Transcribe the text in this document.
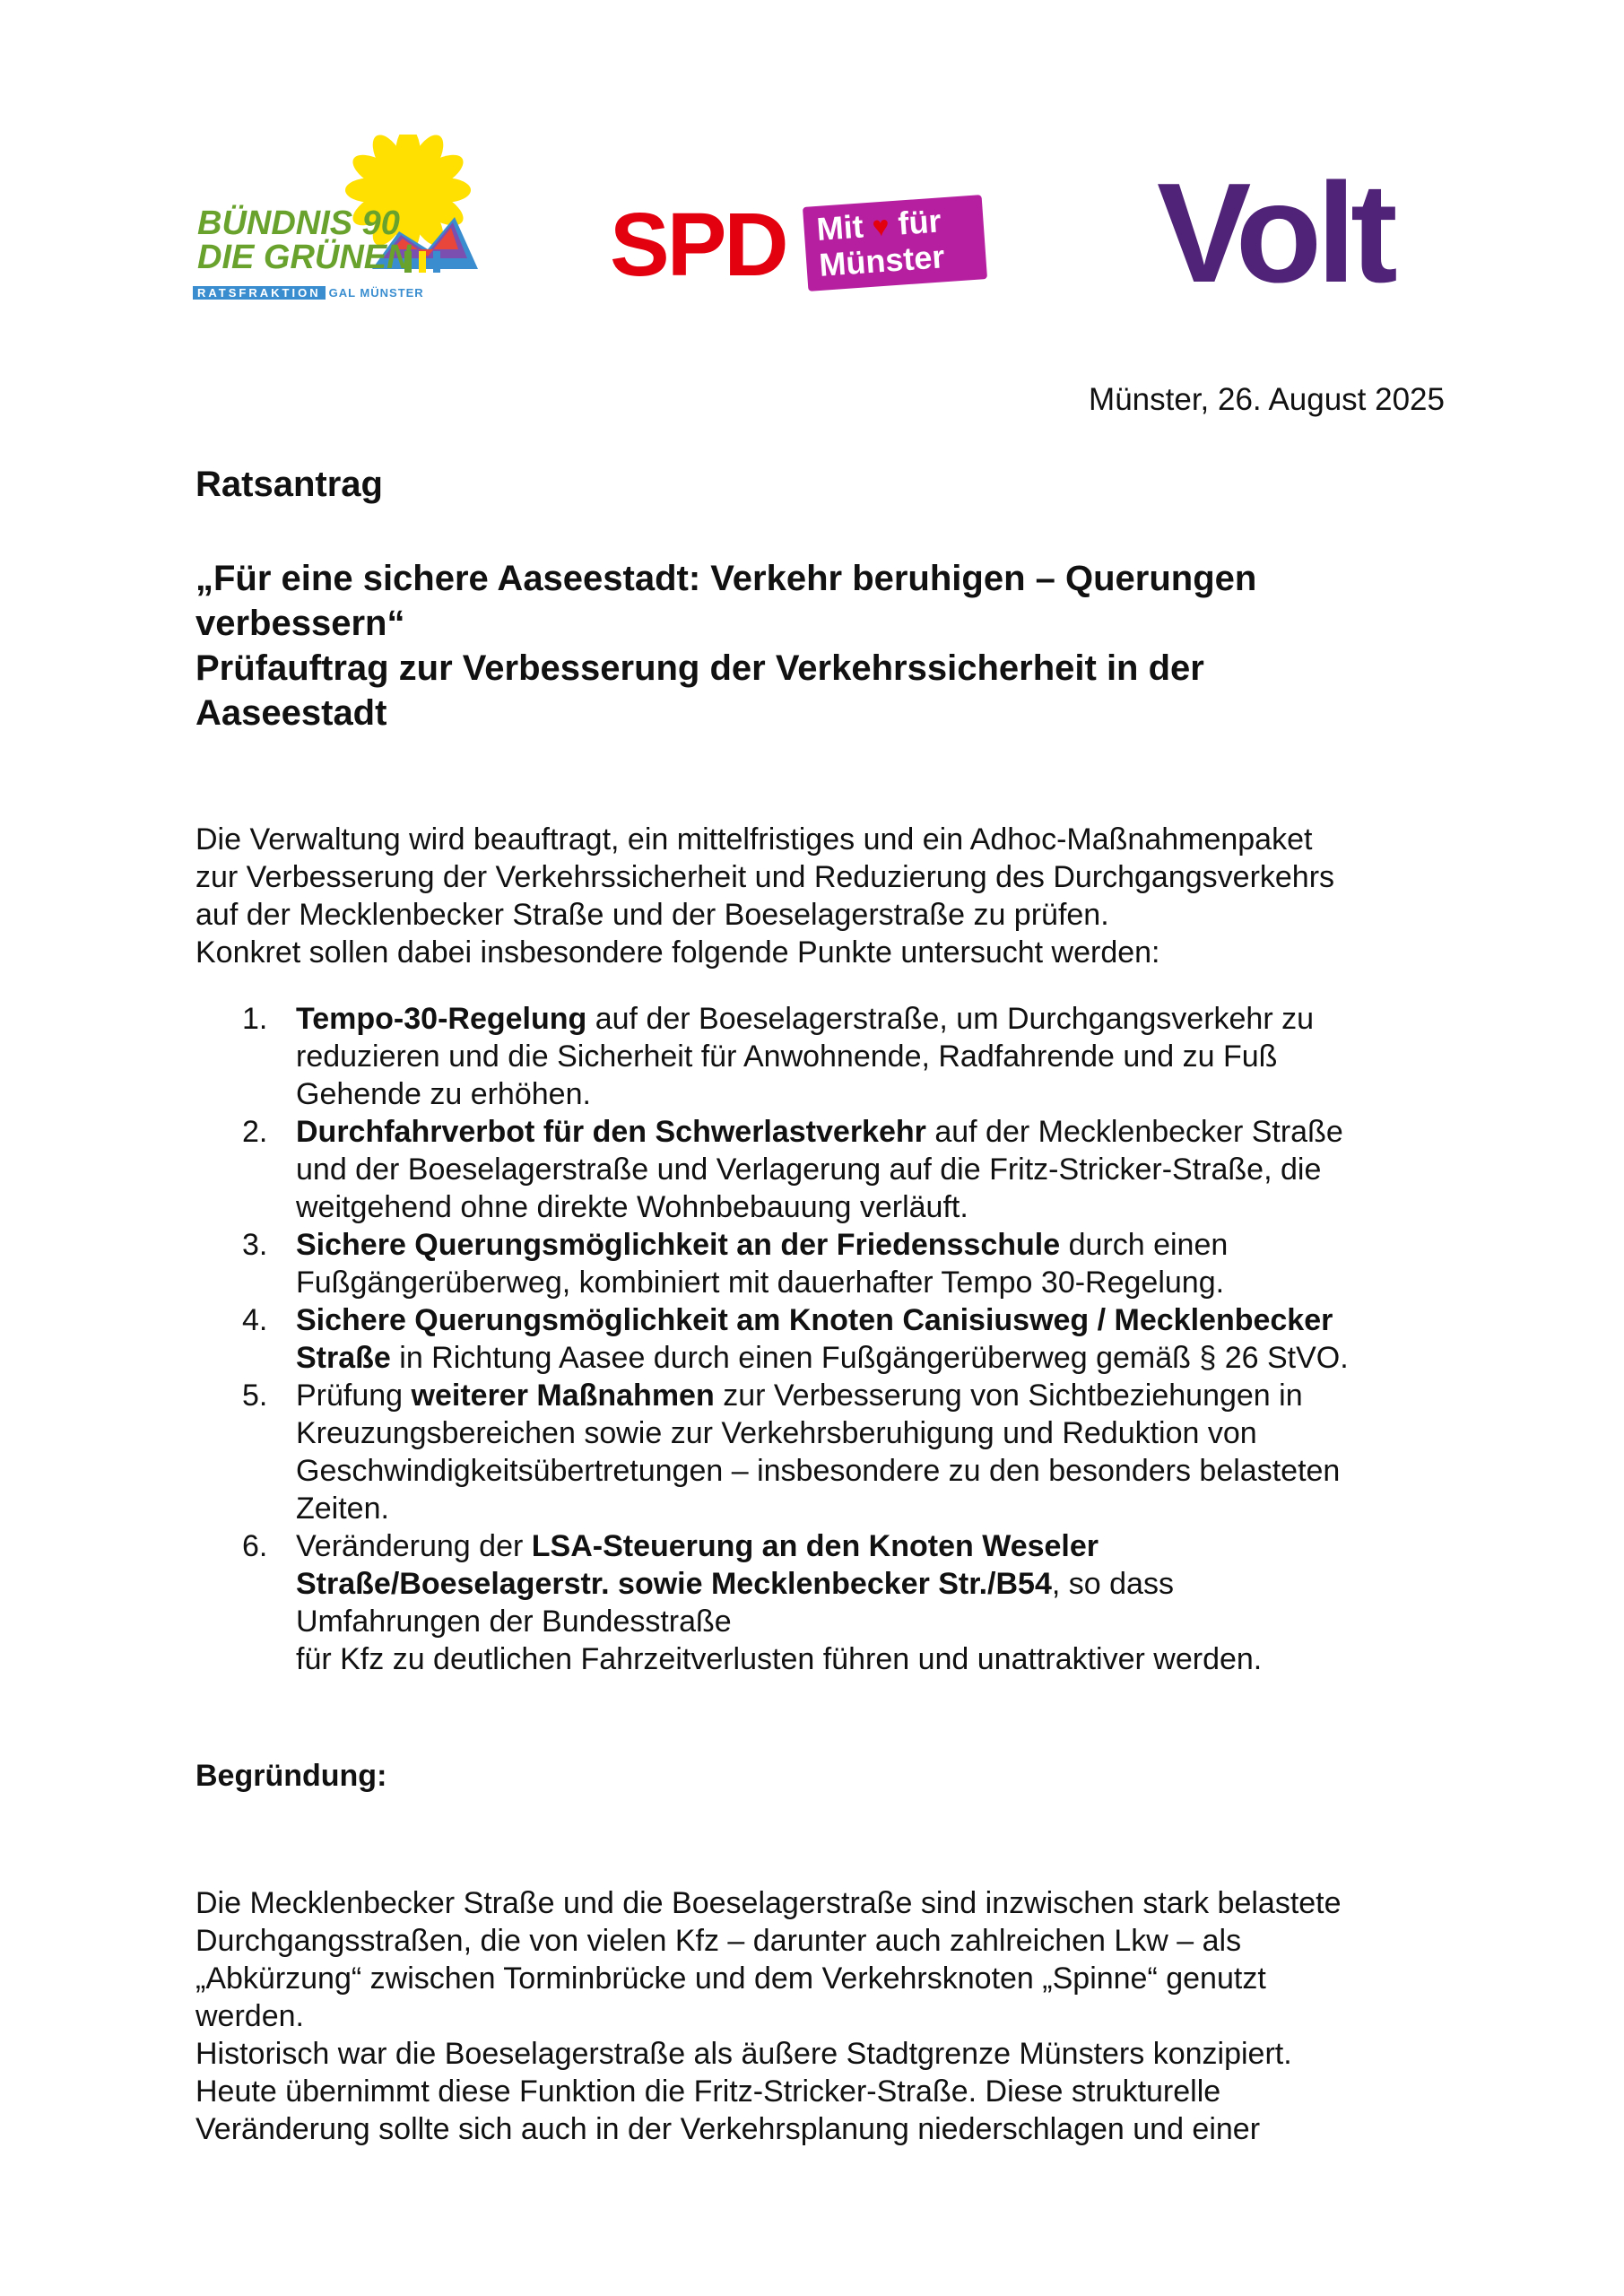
BÜNDNIS 90
DIE GRÜNEN
RATSFRAKTION GAL MÜNSTER SPD Mit ♥ für
Münster Volt
Münster, 26. August 2025
Ratsantrag
„Für eine sichere Aaseestadt: Verkehr beruhigen – Querungen
verbessern“
Prüfauftrag zur Verbesserung der Verkehrssicherheit in der
Aaseestadt

Die Verwaltung wird beauftragt, ein mittelfristiges und ein Adhoc-Maßnahmenpaket

zur Verbesserung der Verkehrssicherheit und Reduzierung des Durchgangsverkehrs

auf der Mecklenbecker Straße und der Boeselagerstraße zu prüfen.

Konkret sollen dabei insbesondere folgende Punkte untersucht werden:

1. Tempo-30-Regelung auf der Boeselagerstraße, um Durchgangsverkehr zu
reduzieren und die Sicherheit für Anwohnende, Radfahrende und zu Fuß
Gehende zu erhöhen.
2. Durchfahrverbot für den Schwerlastverkehr auf der Mecklenbecker Straße
und der Boeselagerstraße und Verlagerung auf die Fritz-Stricker-Straße, die
weitgehend ohne direkte Wohnbebauung verläuft.
3. Sichere Querungsmöglichkeit an der Friedensschule durch einen
Fußgängerüberweg, kombiniert mit dauerhafter Tempo 30-Regelung.
4. Sichere Querungsmöglichkeit am Knoten Canisiusweg / Mecklenbecker
Straße in Richtung Aasee durch einen Fußgängerüberweg gemäß § 26 StVO.
5. Prüfung weiterer Maßnahmen zur Verbesserung von Sichtbeziehungen in
Kreuzungsbereichen sowie zur Verkehrsberuhigung und Reduktion von
Geschwindigkeitsübertretungen – insbesondere zu den besonders belasteten
Zeiten.
6. Veränderung der LSA-Steuerung an den Knoten Weseler
Straße/Boeselagerstr. sowie Mecklenbecker Str./B54, so dass
Umfahrungen der Bundesstraße
für Kfz zu deutlichen Fahrzeitverlusten führen und unattraktiver werden.
Begründung:

Die Mecklenbecker Straße und die Boeselagerstraße sind inzwischen stark belastete

Durchgangsstraßen, die von vielen Kfz – darunter auch zahlreichen Lkw – als

„Abkürzung“ zwischen Torminbrücke und dem Verkehrsknoten „Spinne“ genutzt

werden.

Historisch war die Boeselagerstraße als äußere Stadtgrenze Münsters konzipiert.

Heute übernimmt diese Funktion die Fritz-Stricker-Straße. Diese strukturelle

Veränderung sollte sich auch in der Verkehrsplanung niederschlagen und einer
